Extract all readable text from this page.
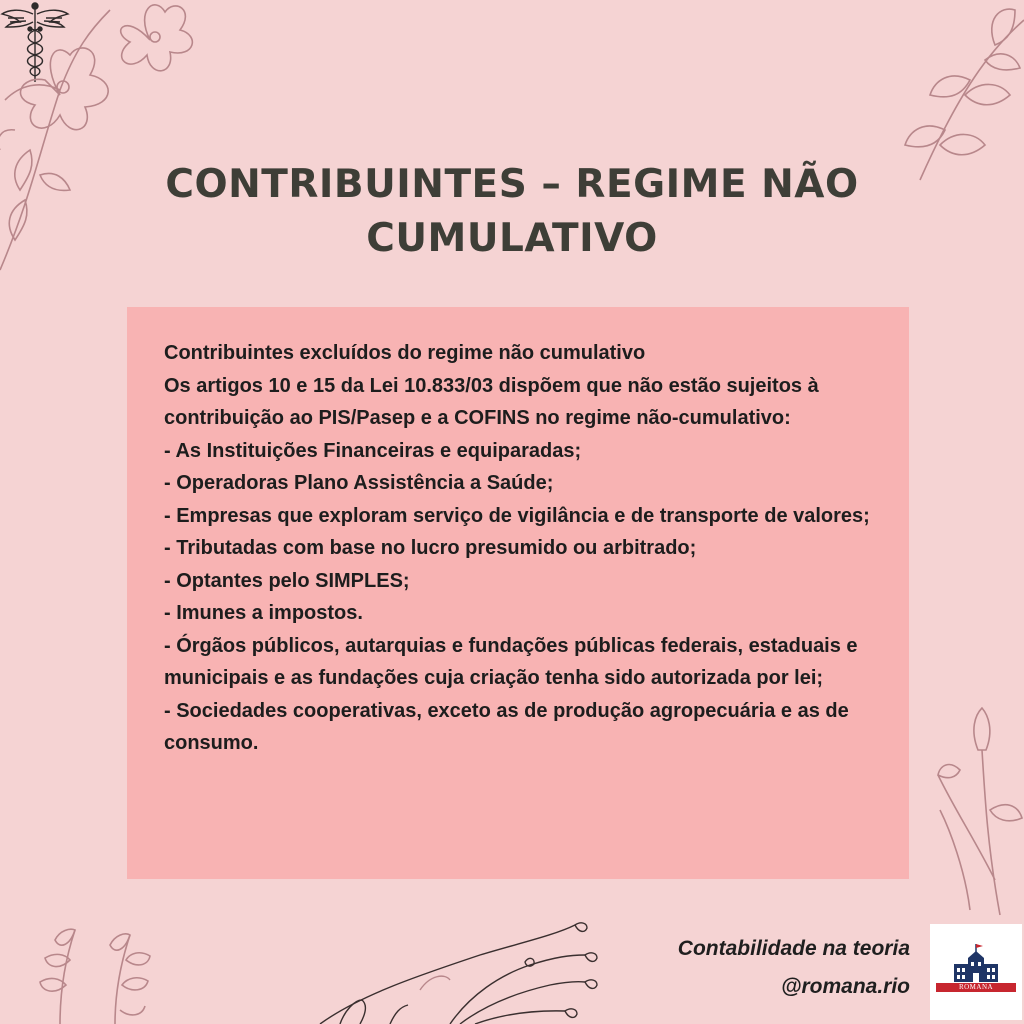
CONTRIBUINTES – REGIME NÃO CUMULATIVO

Contribuintes excluídos do regime não cumulativo

Os artigos 10 e 15 da Lei 10.833/03 dispõem que não estão sujeitos à contribuição ao PIS/Pasep e a COFINS no regime não-cumulativo:

- As Instituições Financeiras e equiparadas;

- Operadoras Plano Assistência a Saúde;

- Empresas que exploram serviço de vigilância e de transporte de valores;

- Tributadas com base no lucro presumido ou arbitrado;

- Optantes pelo SIMPLES;

- Imunes a impostos.

- Órgãos públicos, autarquias e fundações públicas federais, estaduais e municipais e as fundações cuja criação tenha sido autorizada por lei;

- Sociedades cooperativas, exceto as de produção agropecuária e as de consumo.

Contabilidade na teoria
@romana.rio	ROMANA
